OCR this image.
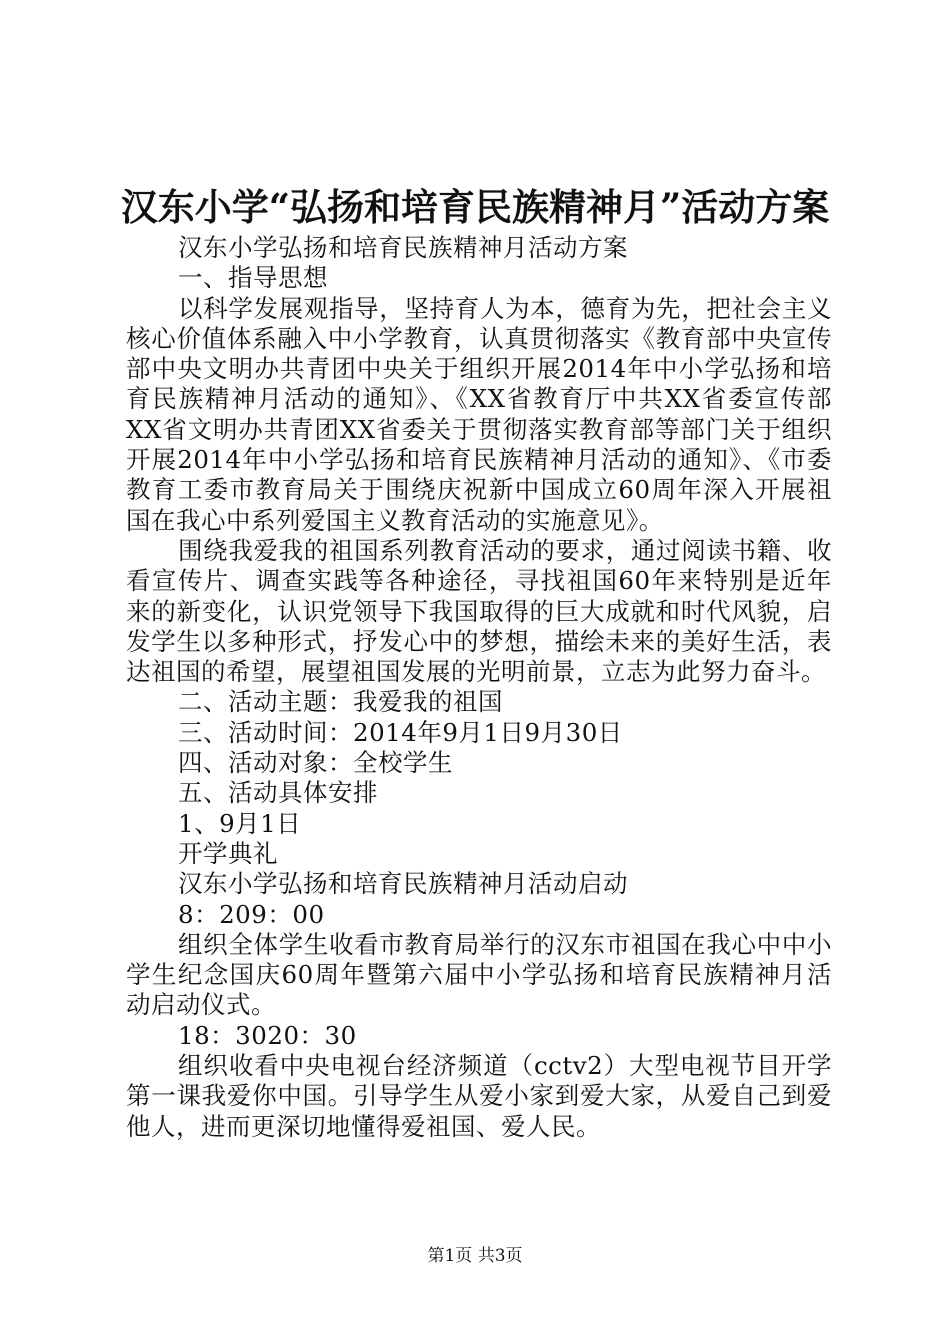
汉东小学“弘扬和培育民族精神月”活动方案

汉东小学弘扬和培育民族精神月活动方案

一、指导思想

以科学发展观指导，坚持育人为本，德育为先，把社会主义核心价值体系融入中小学教育，认真贯彻落实《教育部中央宣传部中央文明办共青团中央关于组织开展2014年中小学弘扬和培育民族精神月活动的通知》、《XX省教育厅中共XX省委宣传部XX省文明办共青团XX省委关于贯彻落实教育部等部门关于组织开展2014年中小学弘扬和培育民族精神月活动的通知》、《市委教育工委市教育局关于围绕庆祝新中国成立60周年深入开展祖国在我心中系列爱国主义教育活动的实施意见》。

围绕我爱我的祖国系列教育活动的要求，通过阅读书籍、收看宣传片、调查实践等各种途径，寻找祖国60年来特别是近年来的新变化，认识党领导下我国取得的巨大成就和时代风貌，启发学生以多种形式，抒发心中的梦想，描绘未来的美好生活，表达祖国的希望，展望祖国发展的光明前景，立志为此努力奋斗。

二、活动主题：我爱我的祖国

三、活动时间：2014年9月1日9月30日

四、活动对象：全校学生

五、活动具体安排

1、9月1日

开学典礼

汉东小学弘扬和培育民族精神月活动启动

8：209：00

组织全体学生收看市教育局举行的汉东市祖国在我心中中小学生纪念国庆60周年暨第六届中小学弘扬和培育民族精神月活动启动仪式。

18：3020：30

组织收看中央电视台经济频道（cctv2）大型电视节目开学第一课我爱你中国。引导学生从爱小家到爱大家，从爱自己到爱他人，进而更深切地懂得爱祖国、爱人民。

第1页 共3页
